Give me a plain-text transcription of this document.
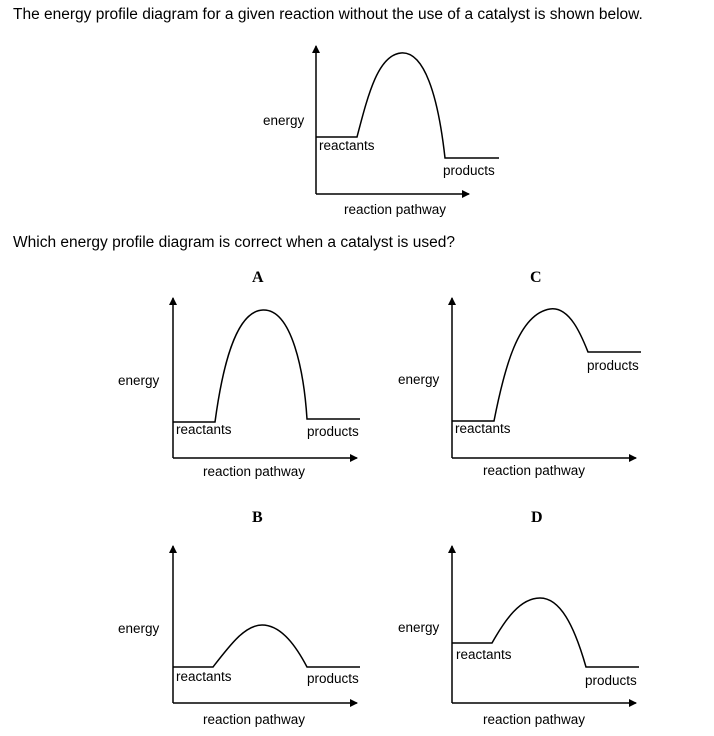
The energy profile diagram for a given reaction without the use of a catalyst is shown below.
Which energy profile diagram is correct when a catalyst is used?
A	C
B	D
energy
reactants
products
reaction pathway
energy
reactants	products
reaction pathway
energy
reactants
products
reaction pathway
energy
reactants	products
reaction pathway
energy
reactants
products
reaction pathway
